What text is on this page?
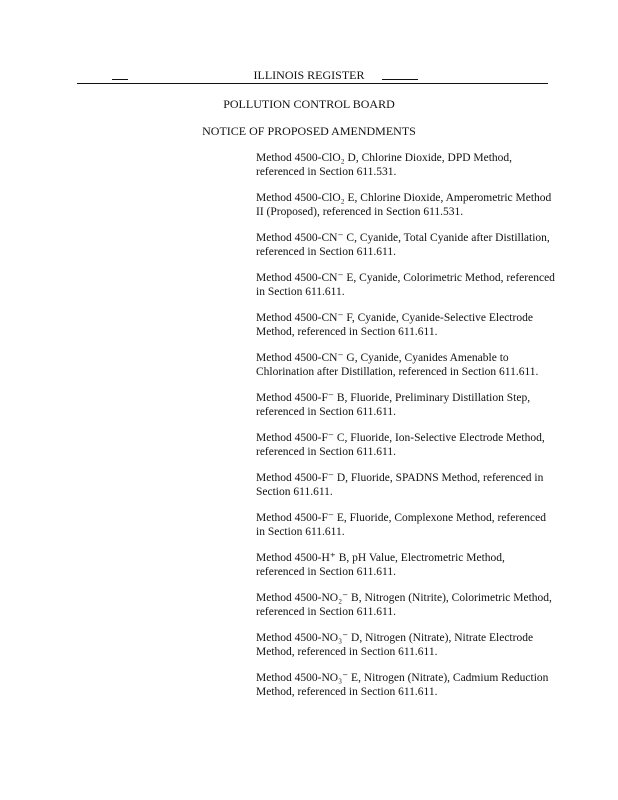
ILLINOIS REGISTER
POLLUTION CONTROL BOARD
NOTICE OF PROPOSED AMENDMENTS

Method 4500-ClO₂ D, Chlorine Dioxide, DPD Method, referenced in Section 611.531.

Method 4500-ClO₂ E, Chlorine Dioxide, Amperometric Method II (Proposed), referenced in Section 611.531.

Method 4500-CN⁻ C, Cyanide, Total Cyanide after Distillation, referenced in Section 611.611.

Method 4500-CN⁻ E, Cyanide, Colorimetric Method, referenced in Section 611.611.

Method 4500-CN⁻ F, Cyanide, Cyanide-Selective Electrode Method, referenced in Section 611.611.

Method 4500-CN⁻ G, Cyanide, Cyanides Amenable to Chlorination after Distillation, referenced in Section 611.611.

Method 4500-F⁻ B, Fluoride, Preliminary Distillation Step, referenced in Section 611.611.

Method 4500-F⁻ C, Fluoride, Ion-Selective Electrode Method, referenced in Section 611.611.

Method 4500-F⁻ D, Fluoride, SPADNS Method, referenced in Section 611.611.

Method 4500-F⁻ E, Fluoride, Complexone Method, referenced in Section 611.611.

Method 4500-H⁺ B, pH Value, Electrometric Method, referenced in Section 611.611.

Method 4500-NO₂⁻ B, Nitrogen (Nitrite), Colorimetric Method, referenced in Section 611.611.

Method 4500-NO₃⁻ D, Nitrogen (Nitrate), Nitrate Electrode Method, referenced in Section 611.611.

Method 4500-NO₃⁻ E, Nitrogen (Nitrate), Cadmium Reduction Method, referenced in Section 611.611.
